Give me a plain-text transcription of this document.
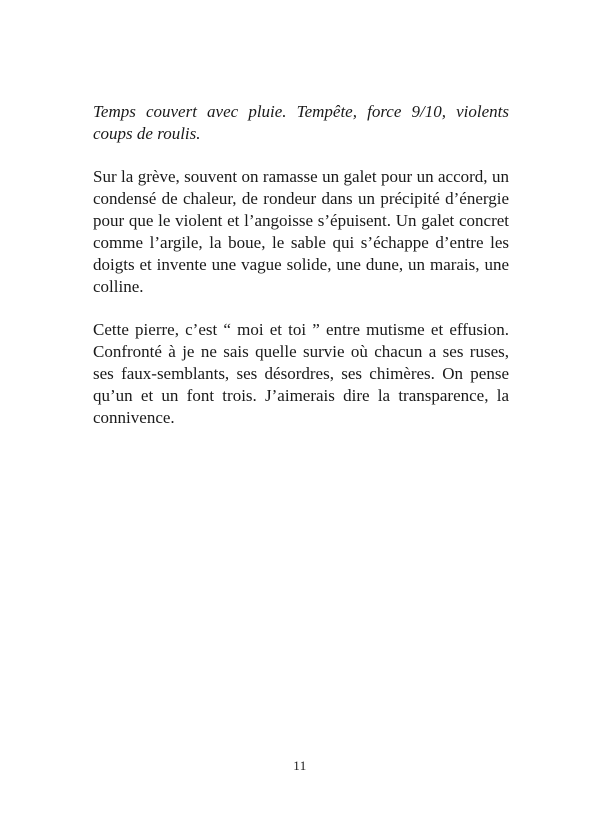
Temps couvert avec pluie. Tempête, force 9/10, violents coups de roulis.

Sur la grève, souvent on ramasse un galet pour un accord, un condensé de chaleur, de rondeur dans un précipité d’énergie pour que le violent et l’angoisse s’épuisent. Un galet concret comme l’argile, la boue, le sable qui s’échappe d’entre les doigts et invente une vague solide, une dune, un marais, une colline.

Cette pierre, c’est “ moi et toi ” entre mutisme et effusion. Confronté à je ne sais quelle survie où chacun a ses ruses, ses faux-semblants, ses désordres, ses chimères. On pense qu’un et un font trois. J’aimerais dire la transparence, la connivence.

11
